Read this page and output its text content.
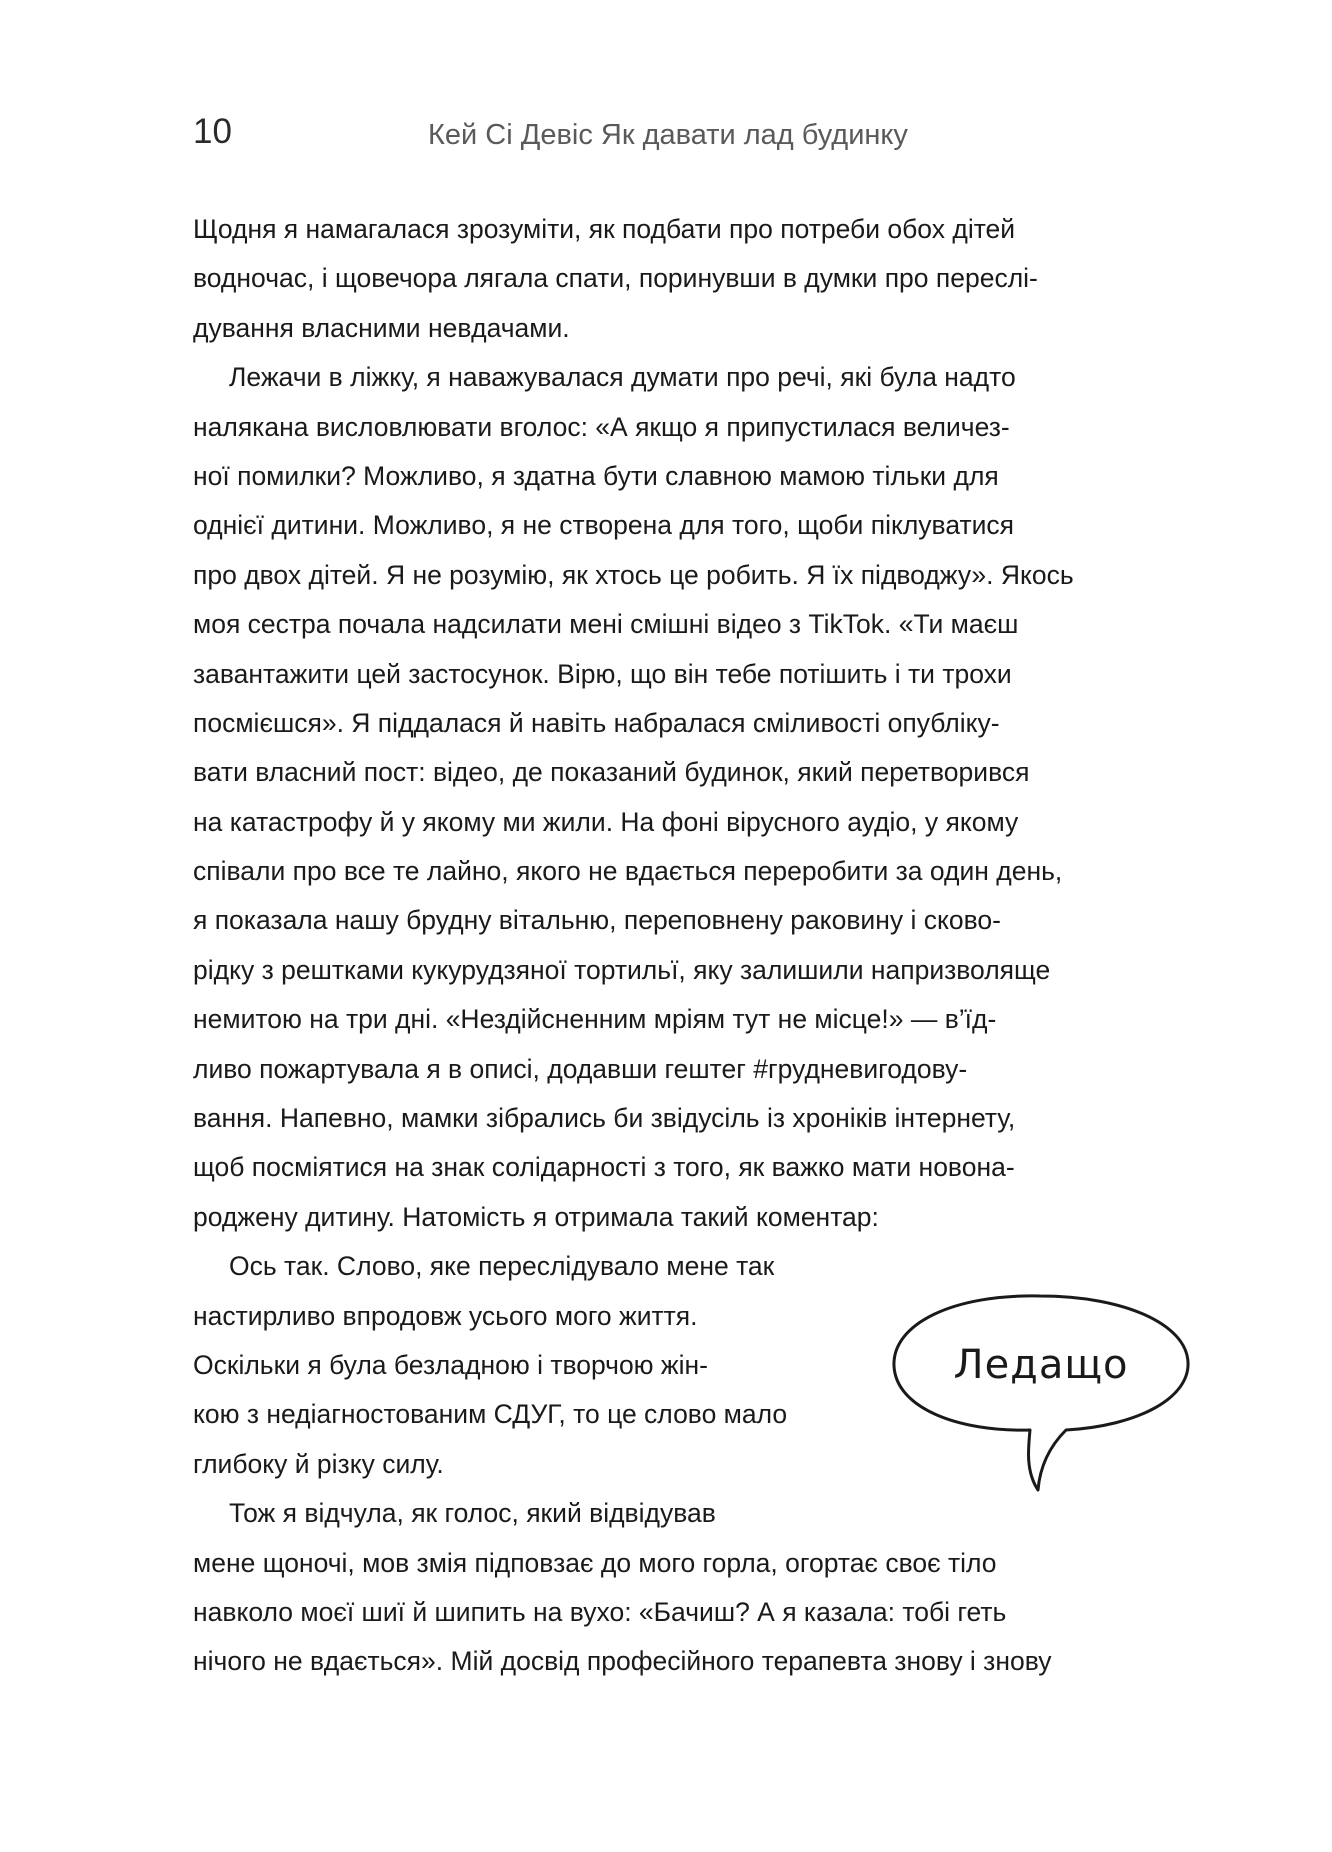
10	Кей Сі Девіс Як давати лад будинку
Щодня я намагалася зрозуміти, як подбати про потреби обох дітей
водночас, і щовечора лягала спати, поринувши в думки про переслі-
дування власними невдачами.
Лежачи в ліжку, я наважувалася думати про речі, які була надто
налякана висловлювати вголос: «А якщо я припустилася величез-
ної помилки? Можливо, я здатна бути славною мамою тільки для
однієї дитини. Можливо, я не створена для того, щоби піклуватися
про двох дітей. Я не розумію, як хтось це робить. Я їх підводжу». Якось
моя сестра почала надсилати мені смішні відео з TikTok. «Ти маєш
завантажити цей застосунок. Вірю, що він тебе потішить і ти трохи
посмієшся». Я піддалася й навіть набралася сміливості опубліку-
вати власний пост: відео, де показаний будинок, який перетворився
на катастрофу й у якому ми жили. На фоні вірусного аудіо, у якому
співали про все те лайно, якого не вдається переробити за один день,
я показала нашу брудну вітальню, переповнену раковину і сково-
рідку з рештками кукурудзяної тортильї, яку залишили напризволяще
немитою на три дні. «Нездійсненним мріям тут не місце!» — в’їд-
ливо пожартувала я в описі, додавши гештег #грудневигодову-
вання. Напевно, мамки зібрались би звідусіль із хроніків інтернету,
щоб посміятися на знак солідарності з того, як важко мати новона-
роджену дитину. Натомість я отримала такий коментар:
Ось так. Слово, яке переслідувало мене так
настирливо впродовж усього мого життя.
Оскільки я була безладною і творчою жін-
кою з недіагностованим СДУГ, то це слово мало
глибоку й різку силу.
Тож я відчула, як голос, який відвідував
мене щоночі, мов змія підповзає до мого горла, огортає своє тіло
навколо моєї шиї й шипить на вухо: «Бачиш? А я казала: тобі геть
нічого не вдається». Мій досвід професійного терапевта знову і знову
Ледащо
